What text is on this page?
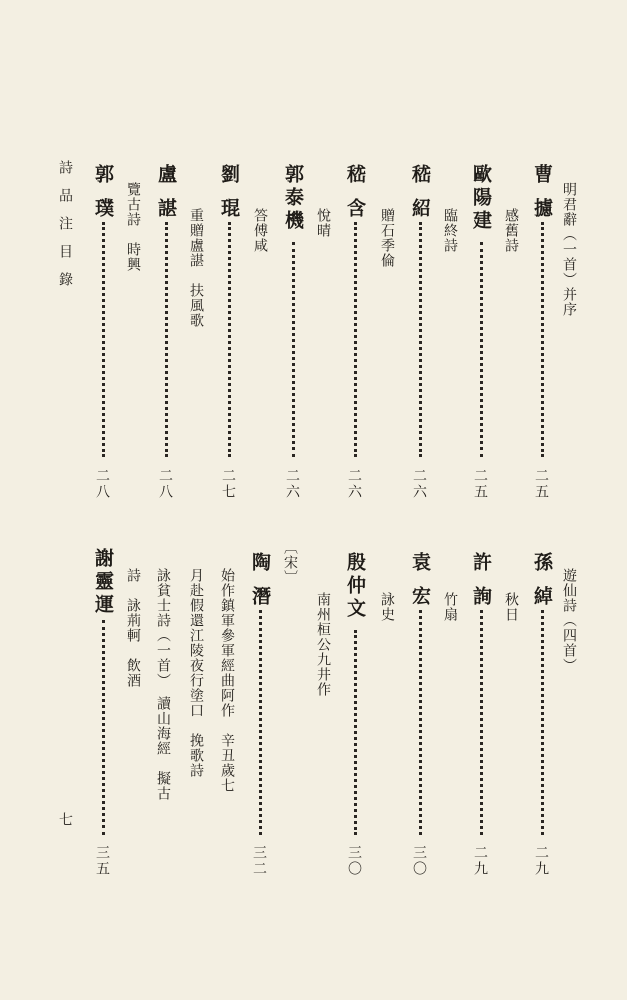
詩品注目錄
七
明君辭（一首）并序
曹 攄
二五
感舊詩
歐陽建
二五
臨終詩
嵇 紹
二六
贈石季倫
嵇 含
二六
悅晴
郭泰機
二六
答傅咸
劉 琨
二七
重贈盧諶　扶風歌
盧 諶
二八
覽古詩　時興
郭 璞
二八
遊仙詩（四首）
孫 綽
二九
秋日
許 詢
二九
竹扇
袁 宏
三〇
詠史
殷仲文
三〇
南州桓公九井作
〔宋〕
陶 潛
三二
始作鎮軍參軍經曲阿作　辛丑歲七
月赴假還江陵夜行塗口　挽歌詩
詠貧士詩（一首）　讀山海經　擬古
詩　詠荊軻　飲酒
謝靈運
三五
